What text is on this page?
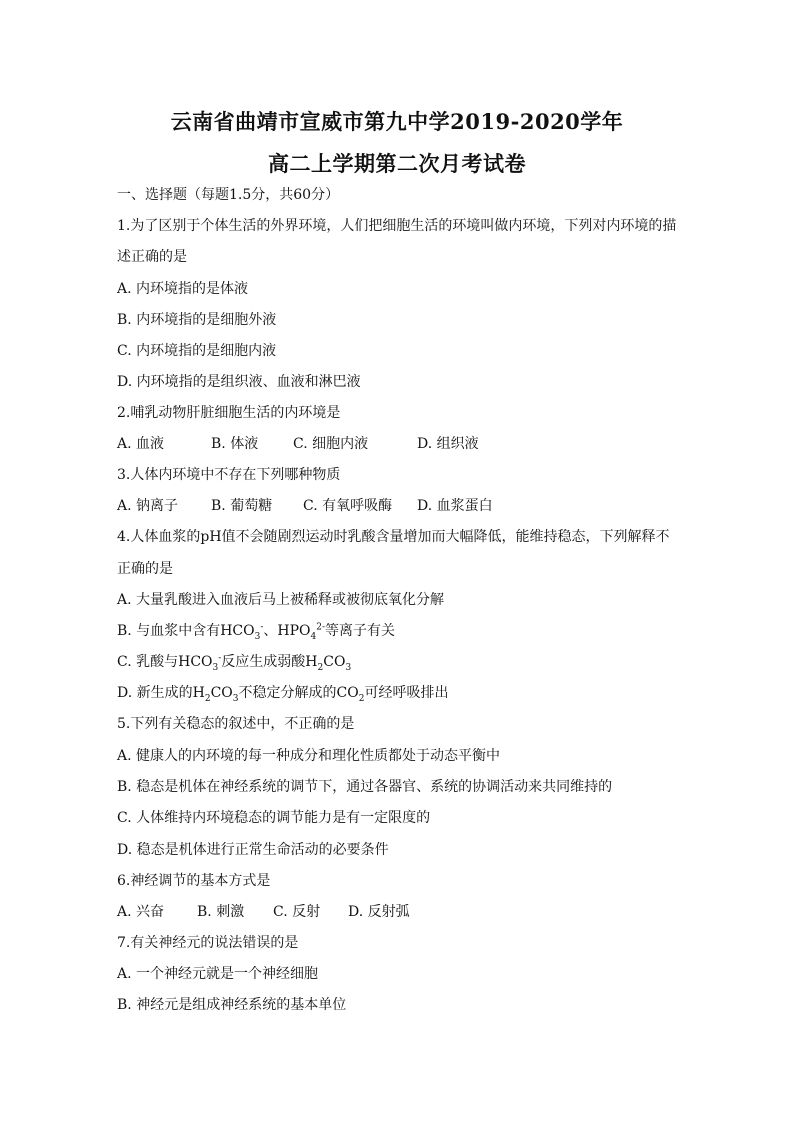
云南省曲靖市宣威市第九中学2019-2020学年
高二上学期第二次月考试卷
一、选择题（每题1.5分，共60分）
1.为了区别于个体生活的外界环境，人们把细胞生活的环境叫做内环境，下列对内环境的描
述正确的是
A. 内环境指的是体液
B. 内环境指的是细胞外液
C. 内环境指的是细胞内液
D. 内环境指的是组织液、血液和淋巴液
2.哺乳动物肝脏细胞生活的内环境是
A. 血液	B. 体液 C. 细胞内液	D. 组织液
3.人体内环境中不存在下列哪种物质
A. 钠离子 B. 葡萄糖 C. 有氧呼吸酶 D. 血浆蛋白
4.人体血浆的pH值不会随剧烈运动时乳酸含量增加而大幅降低，能维持稳态，下列解释不
正确的是
A. 大量乳酸进入血液后马上被稀释或被彻底氧化分解
B. 与血浆中含有$HCO_3^-$、$HPO_4^{2-}$等离子有关
C. 乳酸与$HCO_3^-$反应生成弱酸$H_2CO_3$
D. 新生成的$H_2CO_3$不稳定分解成的$CO_2$可经呼吸排出
5.下列有关稳态的叙述中，不正确的是
A. 健康人的内环境的每一种成分和理化性质都处于动态平衡中
B. 稳态是机体在神经系统的调节下，通过各器官、系统的协调活动来共同维持的
C. 人体维持内环境稳态的调节能力是有一定限度的
D. 稳态是机体进行正常生命活动的必要条件
6.神经调节的基本方式是
A. 兴奋 B. 刺激 C. 反射 D. 反射弧
7.有关神经元的说法错误的是
A. 一个神经元就是一个神经细胞
B. 神经元是组成神经系统的基本单位
